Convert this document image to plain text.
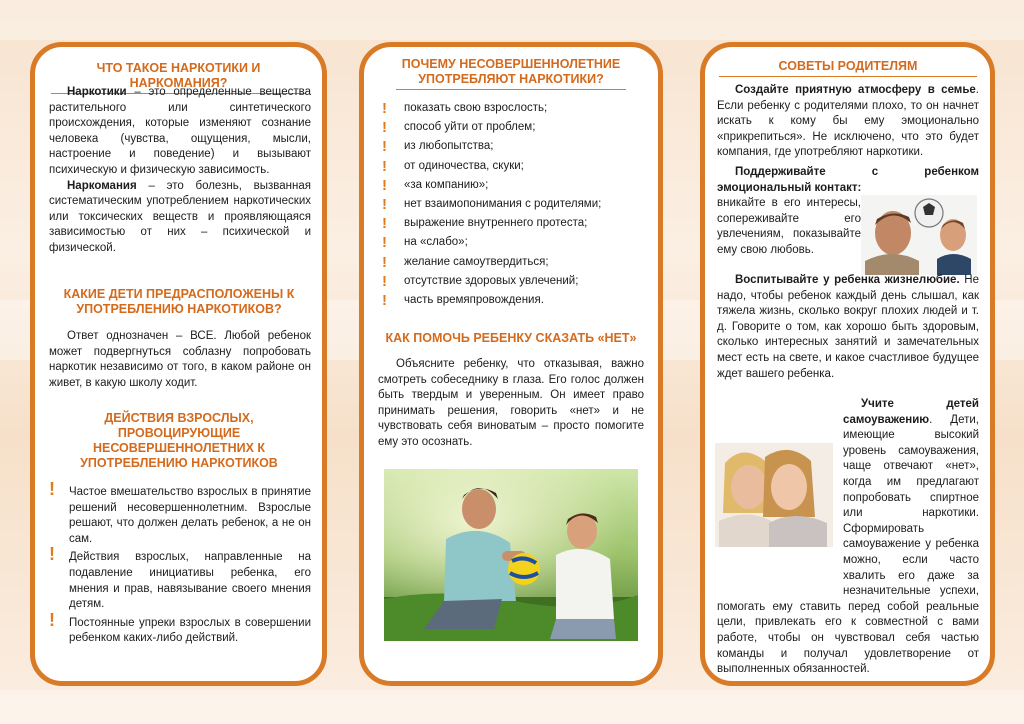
ЧТО ТАКОЕ НАРКОТИКИ И НАРКОМАНИЯ?

Наркотики – это определенные вещества растительного или синтетического происхождения, которые изменяют сознание человека (чувства, ощущения, мысли, настроение и поведение) и вызывают психическую и физическую зависимость.

Наркомания – это болезнь, вызванная систематическим употреблением наркотических или токсических веществ и проявляющаяся зависимостью от них – психической и физической.

КАКИЕ ДЕТИ ПРЕДРАСПОЛОЖЕНЫ К УПОТРЕБЛЕНИЮ НАРКОТИКОВ?

Ответ однозначен – ВСЕ. Любой ребенок может подвергнуться соблазну попробовать наркотик независимо от того, в каком районе он живет, в какую школу ходит.

ДЕЙСТВИЯ ВЗРОСЛЫХ, ПРОВОЦИРУЮЩИЕ НЕСОВЕРШЕННОЛЕТНИХ К УПОТРЕБЛЕНИЮ НАРКОТИКОВ
! Частое вмешательство взрослых в принятие решений несовершеннолетним. Взрослые решают, что должен делать ребенок, а не он сам.
! Действия взрослых, направленные на подавление инициативы ребенка, его мнения и прав, навязывание своего мнения детям.
! Постоянные упреки взрослых в совершении ребенком каких-либо действий.
ПОЧЕМУ НЕСОВЕРШЕННОЛЕТНИЕ УПОТРЕБЛЯЮТ НАРКОТИКИ?
! показать свою взрослость;
! способ уйти от проблем;
! из любопытства;
! от одиночества, скуки;
! «за компанию»;
! нет взаимопонимания с родителями;
! выражение внутреннего протеста;
! на «слабо»;
! желание самоутвердиться;
! отсутствие здоровых увлечений;
! часть времяпровождения.
КАК ПОМОЧЬ РЕБЕНКУ СКАЗАТЬ «НЕТ»

Объясните ребенку, что отказывая, важно смотреть собеседнику в глаза. Его голос должен быть твердым и уверенным. Он имеет право принимать решения, говорить «нет» и не чувствовать себя виноватым – просто помогите ему это осознать.

СОВЕТЫ РОДИТЕЛЯМ

Создайте приятную атмосферу в семье. Если ребенку с родителями плохо, то он начнет искать к кому бы ему эмоционально «прикрепиться». Не исключено, что это будет компания, где употребляют наркотики.

Поддерживайте с ребенком эмоциональный контакт:

вникайте в его интересы, сопереживайте его увлечениям, показывайте ему свою любовь.

Воспитывайте у ребенка жизнелюбие. Не надо, чтобы ребенок каждый день слышал, как тяжела жизнь, сколько вокруг плохих людей и т. д. Говорите о том, как хорошо быть здоровым, сколько интересных занятий и замечательных мест есть на свете, и какое счастливое будущее ждет вашего ребенка.

Учите детей самоуважению. Дети, имеющие высокий уровень самоуважения, чаще отвечают «нет», когда им предлагают попробовать спиртное или наркотики. Сформировать самоуважение у ребенка можно, если часто хвалить его даже за незначительные успехи, помогать ему ставить перед собой реальные цели, привлекать его к совместной с вами работе, чтобы он чувствовал себя частью команды и получал удовлетворение от выполненных обязанностей.
